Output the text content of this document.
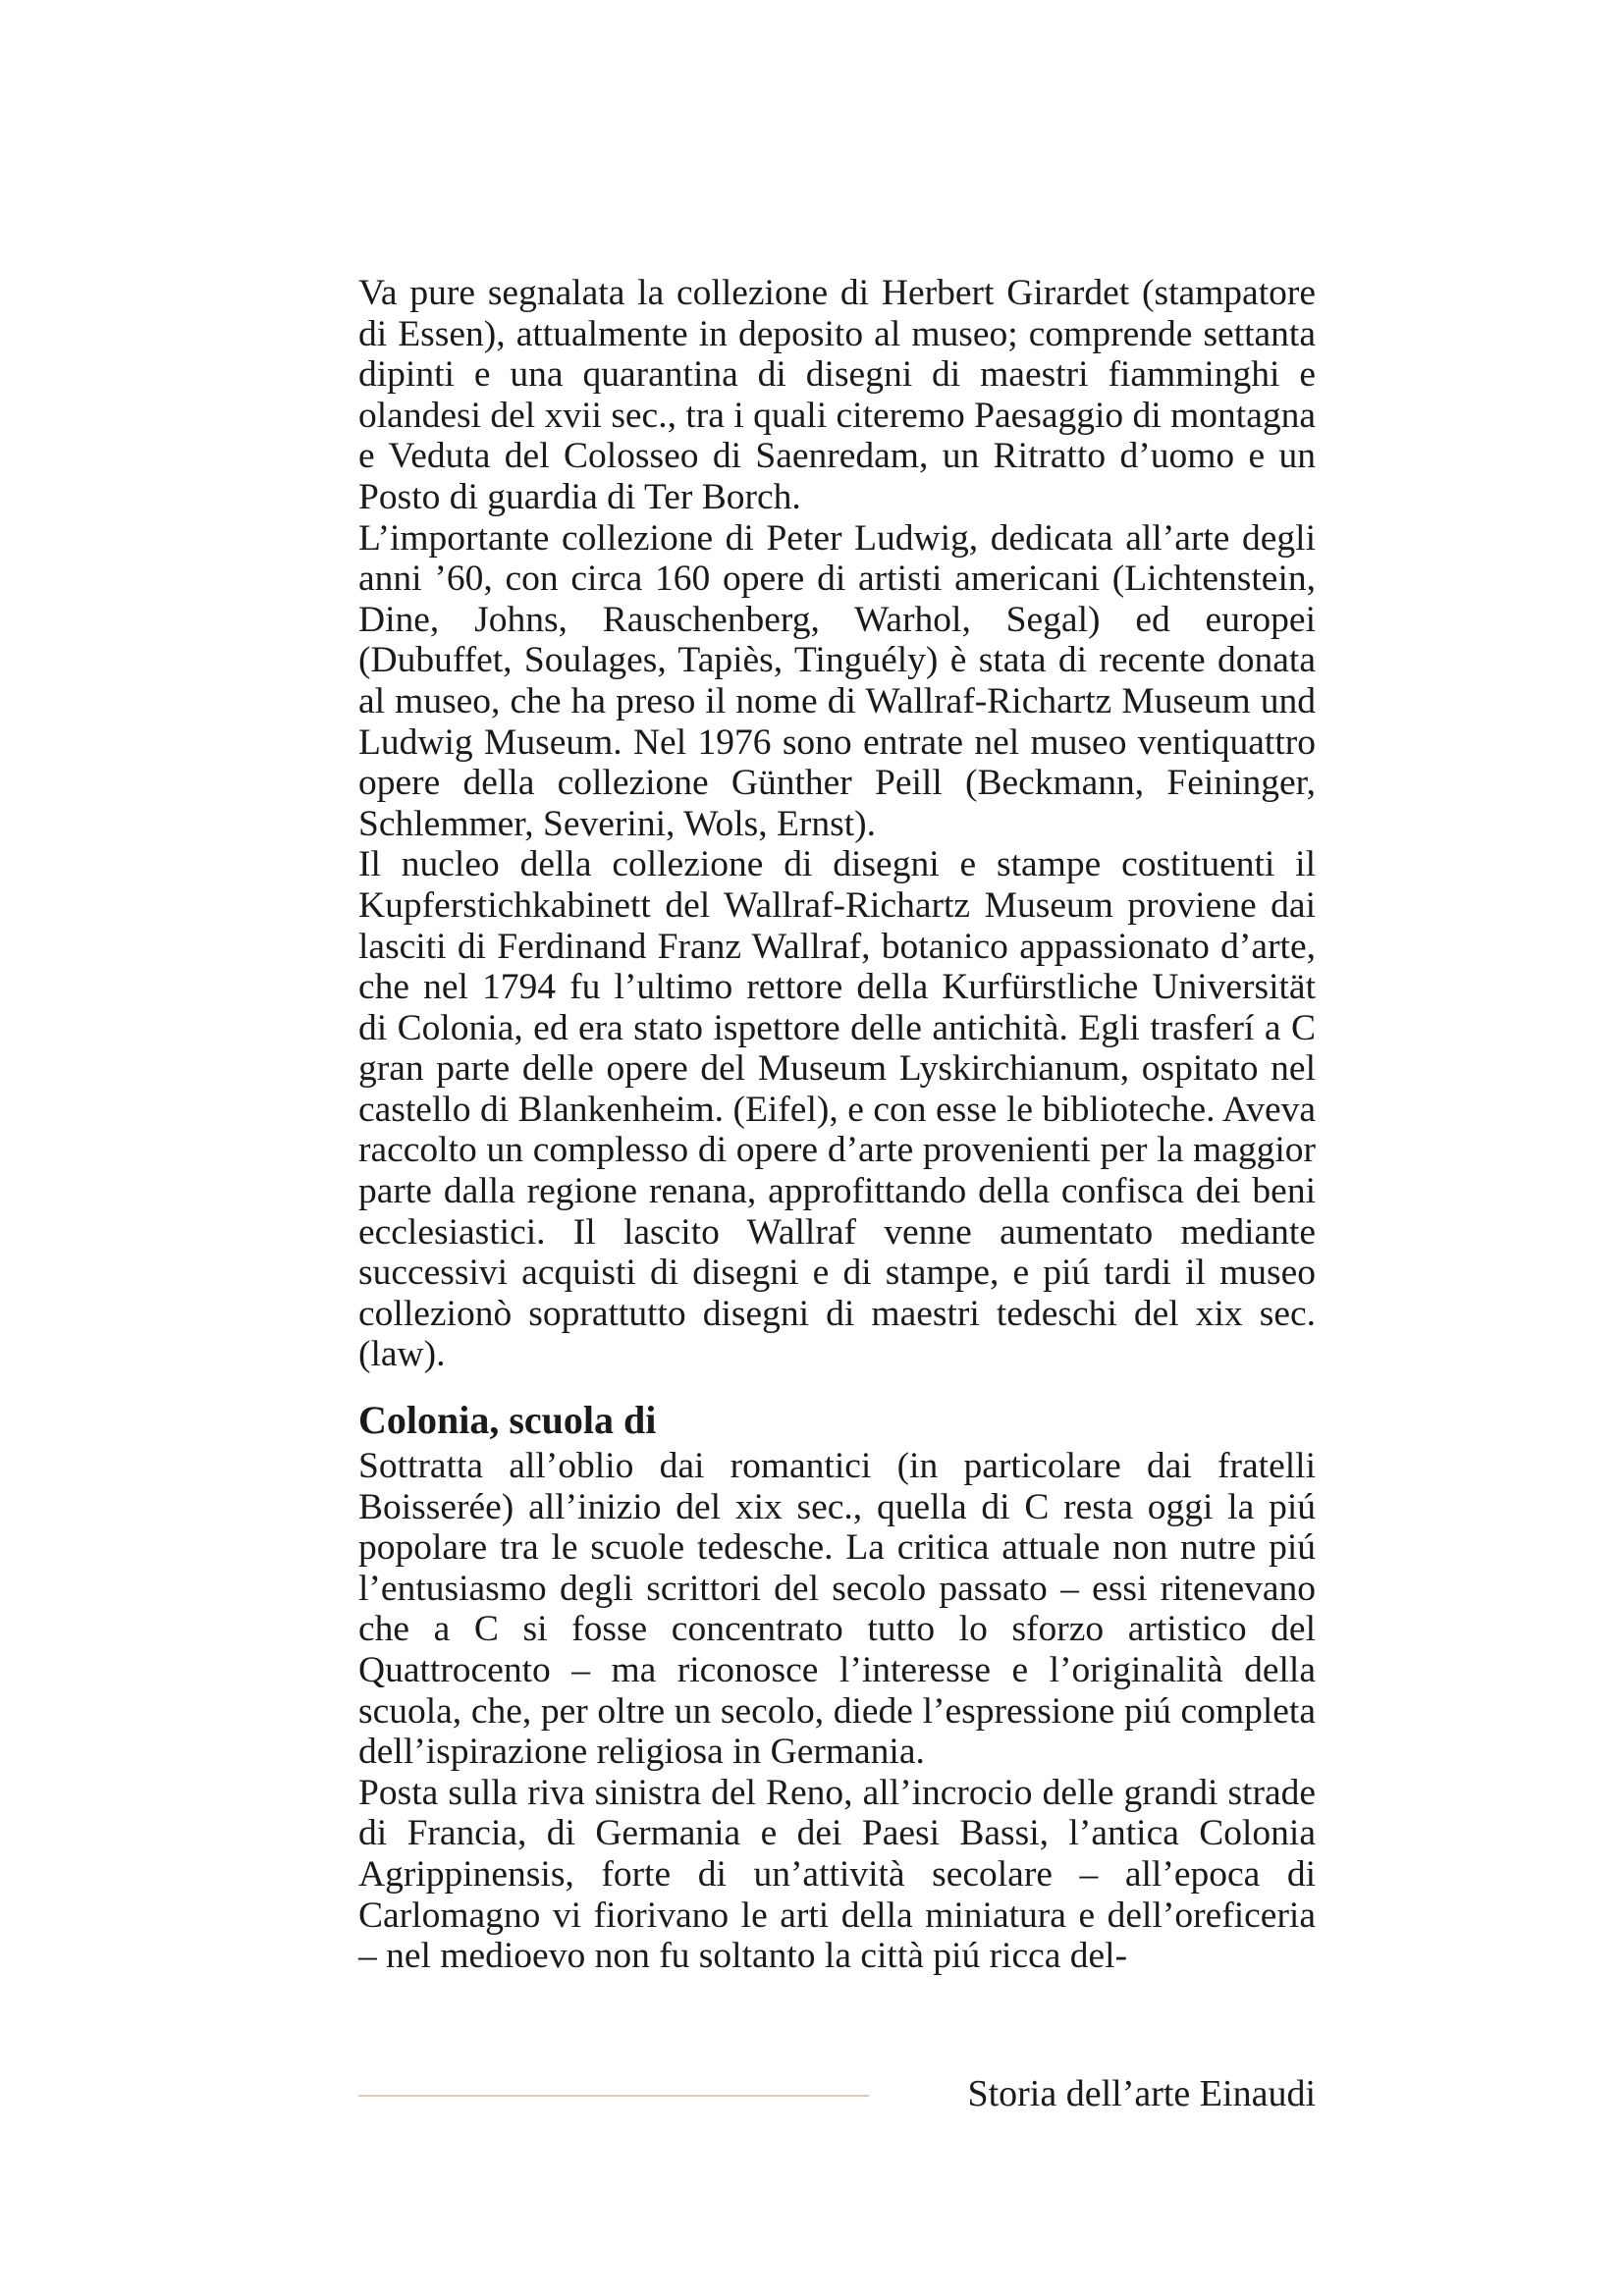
Va pure segnalata la collezione di Herbert Girardet (stampatore di Essen), attualmente in deposito al museo; comprende settanta dipinti e una quarantina di disegni di maestri fiamminghi e olandesi del xvii sec., tra i quali citeremo Paesaggio di montagna e Veduta del Colosseo di Saenredam, un Ritratto d’uomo e un Posto di guardia di Ter Borch.

L’importante collezione di Peter Ludwig, dedicata all’arte degli anni ’60, con circa 160 opere di artisti americani (Lichtenstein, Dine, Johns, Rauschenberg, Warhol, Segal) ed europei (Dubuffet, Soulages, Tapiès, Tinguély) è stata di recente donata al museo, che ha preso il nome di Wallraf-Richartz Museum und Ludwig Museum. Nel 1976 sono entrate nel museo ventiquattro opere della collezione Günther Peill (Beckmann, Feininger, Schlemmer, Severini, Wols, Ernst).

Il nucleo della collezione di disegni e stampe costituenti il Kupferstichkabinett del Wallraf-Richartz Museum proviene dai lasciti di Ferdinand Franz Wallraf, botanico appassionato d’arte, che nel 1794 fu l’ultimo rettore della Kurfürstliche Universität di Colonia, ed era stato ispettore delle antichità. Egli trasferí a C gran parte delle opere del Museum Lyskirchianum, ospitato nel castello di Blankenheim. (Eifel), e con esse le biblioteche. Aveva raccolto un complesso di opere d’arte provenienti per la maggior parte dalla regione renana, approfittando della confisca dei beni ecclesiastici. Il lascito Wallraf venne aumentato mediante successivi acquisti di disegni e di stampe, e piú tardi il museo collezionò soprattutto disegni di maestri tedeschi del xix sec. (law).

Colonia, scuola di

Sottratta all’oblio dai romantici (in particolare dai fratelli Boisserée) all’inizio del xix sec., quella di C resta oggi la piú popolare tra le scuole tedesche. La critica attuale non nutre piú l’entusiasmo degli scrittori del secolo passato – essi ritenevano che a C si fosse concentrato tutto lo sforzo artistico del Quattrocento – ma riconosce l’interesse e l’originalità della scuola, che, per oltre un secolo, diede l’espressione piú completa dell’ispirazione religiosa in Germania.

Posta sulla riva sinistra del Reno, all’incrocio delle grandi strade di Francia, di Germania e dei Paesi Bassi, l’antica Colonia Agrippinensis, forte di un’attività secolare – all’epoca di Carlomagno vi fiorivano le arti della miniatura e dell’oreficeria – nel medioevo non fu soltanto la città piú ricca del-

Storia dell’arte Einaudi
